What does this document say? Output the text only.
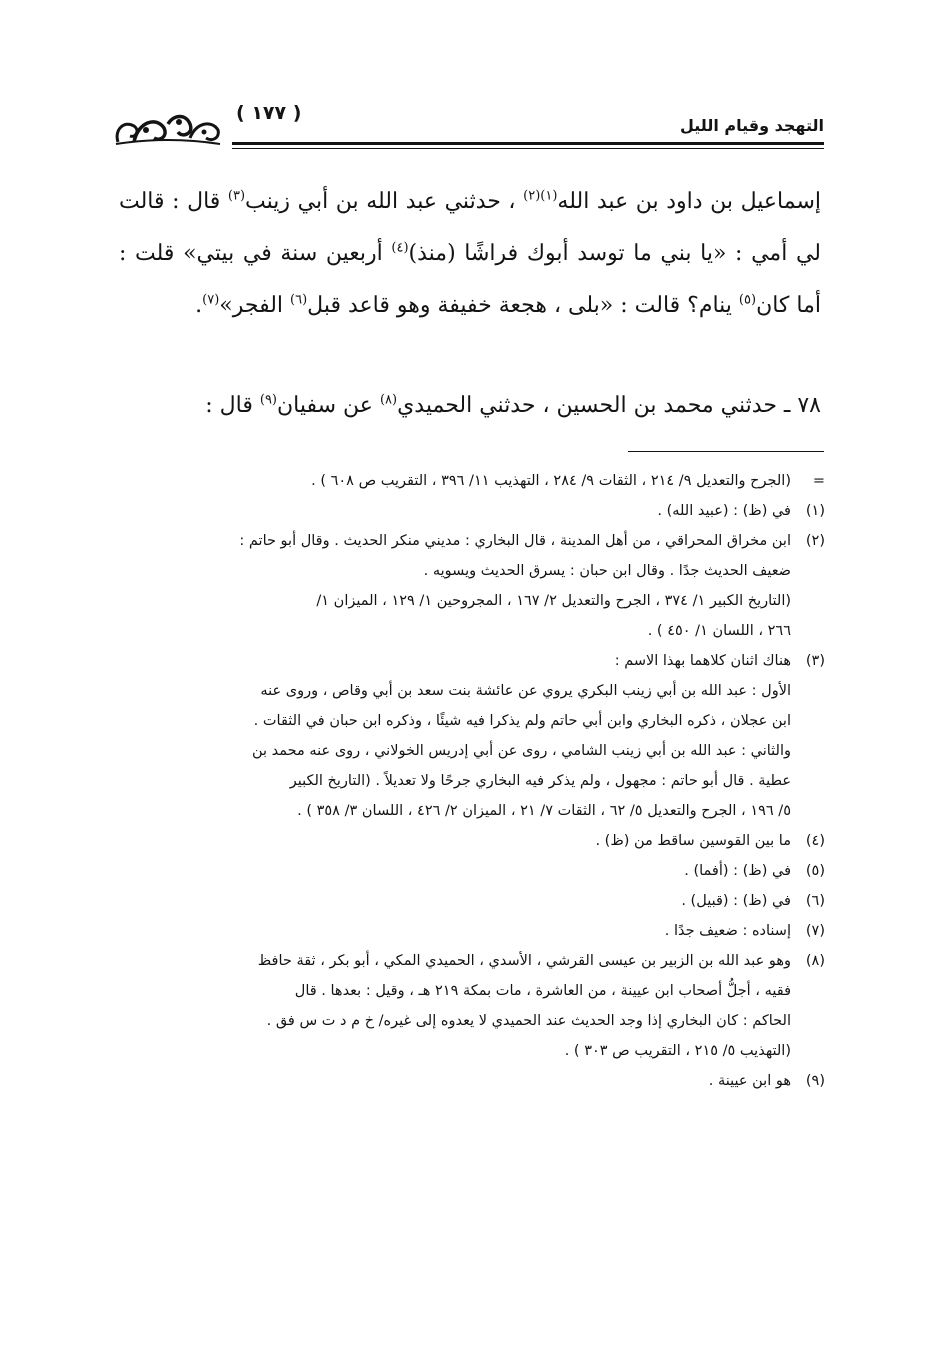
التهجد وقيام الليل
( ١٧٧ )

إسماعيل بن داود بن عبد الله$^{(١)(٢)}$ ، حدثني عبد الله بن أبي زينب$^{(٣)}$ قال : قالت لي أمي : «يا بني ما توسد أبوك فراشًا (منذ)$^{(٤)}$ أربعين سنة في بيتي» قلت : أما كان$^{(٥)}$ ينام؟ قالت : «بلى ، هجعة خفيفة وهو قاعد قبل$^{(٦)}$ الفجر»$^{(٧)}$.

٧٨ ـ حدثني محمد بن الحسين ، حدثني الحميدي$^{(٨)}$ عن سفيان$^{(٩)}$ قال :
=
(الجرح والتعديل ٩/ ٢١٤ ، الثقات ٩/ ٢٨٤ ، التهذيب ١١/ ٣٩٦ ، التقريب ص ٦٠٨ ) .
(١)
في (ظ) : (عبيد الله) .
(٢)
ابن مخراق المحراقي ، من أهل المدينة ، قال البخاري : مديني منكر الحديث . وقال أبو حاتم :
ضعيف الحديث جدًا . وقال ابن حبان : يسرق الحديث ويسويه .
(التاريخ الكبير ١/ ٣٧٤ ، الجرح والتعديل ٢/ ١٦٧ ، المجروحين ١/ ١٢٩ ، الميزان ١/
٢٦٦ ، اللسان ١/ ٤٥٠ ) .
(٣)
هناك اثنان كلاهما بهذا الاسم :
الأول : عبد الله بن أبي زينب البكري يروي عن عائشة بنت سعد بن أبي وقاص ، وروى عنه
ابن عجلان ، ذكره البخاري وابن أبي حاتم ولم يذكرا فيه شيئًا ، وذكره ابن حبان في الثقات .
والثاني : عبد الله بن أبي زينب الشامي ، روى عن أبي إدريس الخولاني ، روى عنه محمد بن
عطية . قال أبو حاتم : مجهول ، ولم يذكر فيه البخاري جرحًا ولا تعديلاً . (التاريخ الكبير
٥/ ١٩٦ ، الجرح والتعديل ٥/ ٦٢ ، الثقات ٧/ ٢١ ، الميزان ٢/ ٤٢٦ ، اللسان ٣/ ٣٥٨ ) .
(٤)
ما بين القوسين ساقط من (ظ) .
(٥)
في (ظ) : (أفما) .
(٦)
في (ظ) : (قبيل) .
(٧)
إسناده : ضعيف جدًا .
(٨)
وهو عبد الله بن الزبير بن عيسى القرشي ، الأسدي ، الحميدي المكي ، أبو بكر ، ثقة حافظ
فقيه ، أجلُّ أصحاب ابن عيينة ، من العاشرة ، مات بمكة ٢١٩ هـ ، وقيل : بعدها . قال
الحاكم : كان البخاري إذا وجد الحديث عند الحميدي لا يعدوه إلى غيره/ خ م د ت س فق .
(التهذيب ٥/ ٢١٥ ، التقريب ص ٣٠٣ ) .
(٩)
هو ابن عيينة .
